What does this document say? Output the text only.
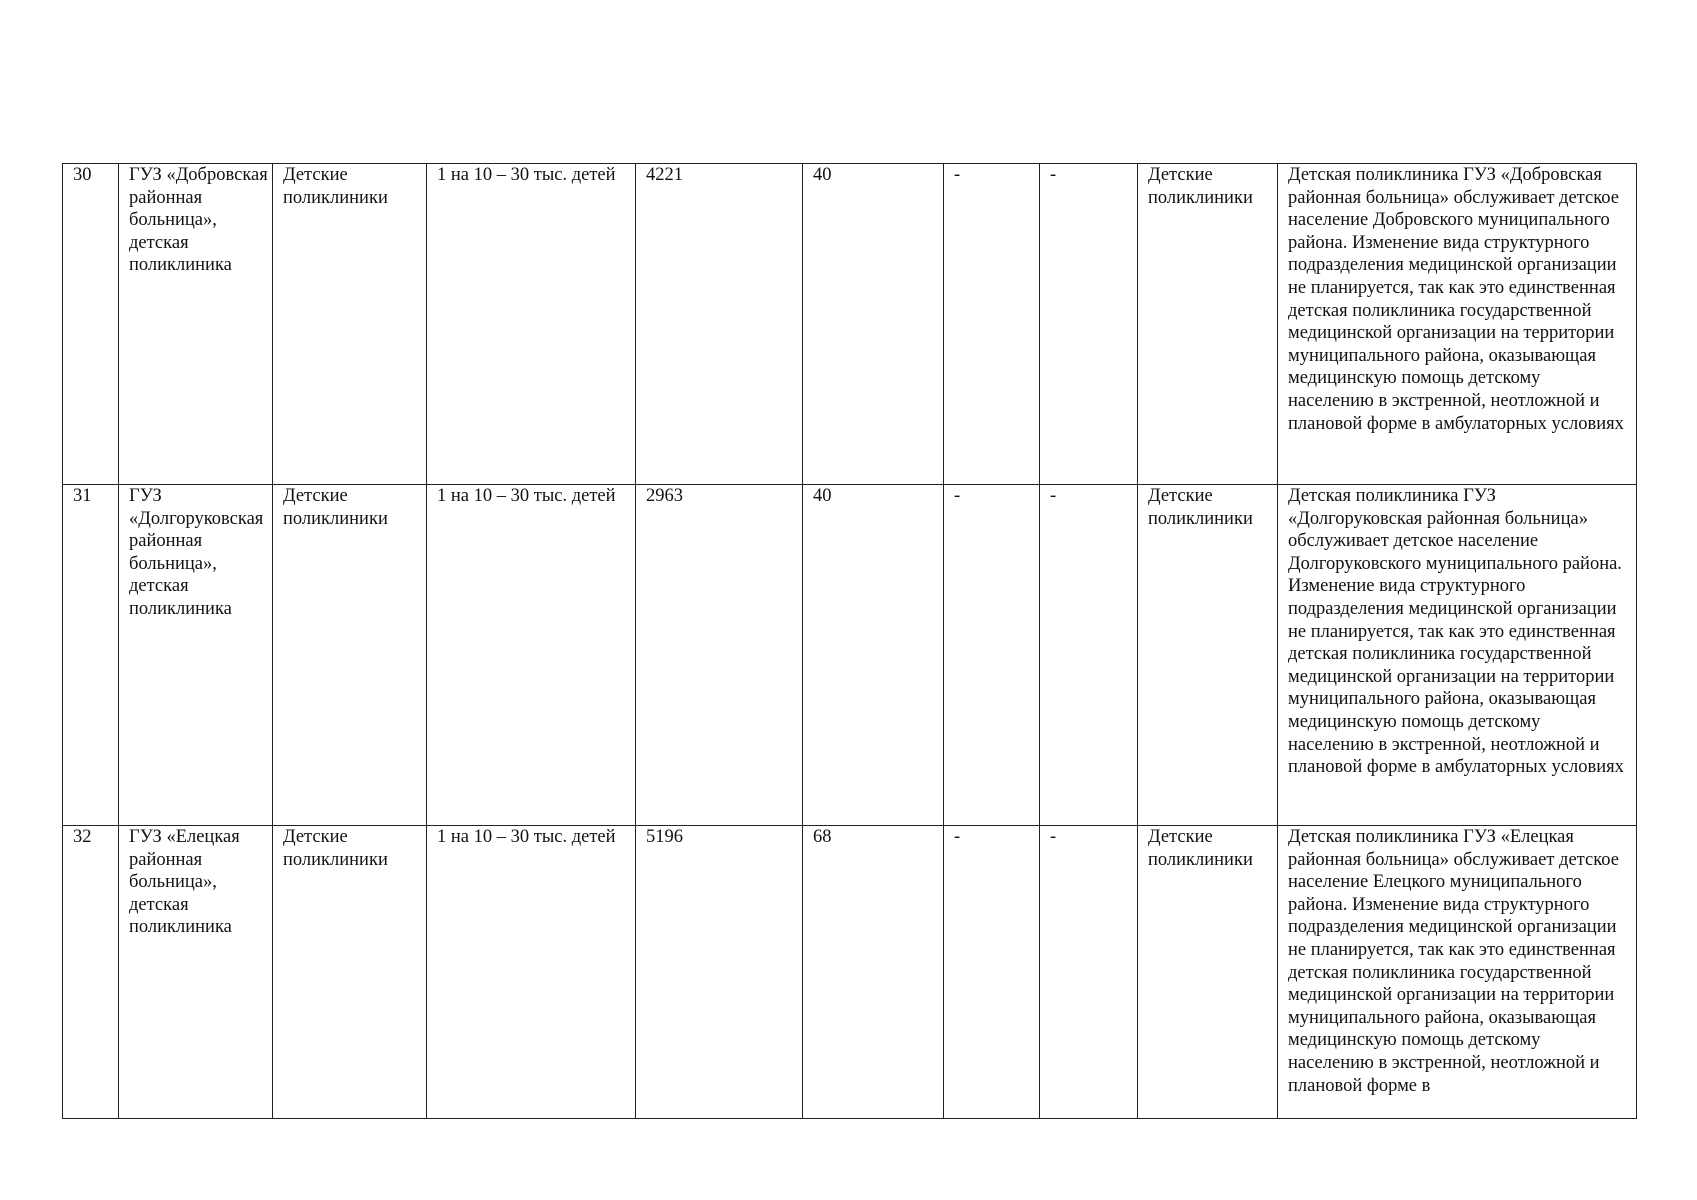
30	ГУЗ «Добровская районная больница», детская поликлиника	Детские поликлиники	1 на 10 – 30 тыс. детей	4221	40	-	-	Детские поликлиники	Детская поликлиника ГУЗ «Добровская районная больница» обслуживает детское население Добровского муниципального района. Изменение вида структурного подразделения медицинской организации не планируется, так как это единственная детская поликлиника государственной медицинской организации на территории муниципального района, оказывающая медицинскую помощь детскому населению в экстренной, неотложной и плановой форме в амбулаторных условиях

31	ГУЗ «Долгоруковская районная больница», детская поликлиника	Детские поликлиники	1 на 10 – 30 тыс. детей	2963	40	-	-	Детские поликлиники	Детская поликлиника ГУЗ «Долгоруковская районная больница» обслуживает детское население Долгоруковского муниципального района. Изменение вида структурного подразделения медицинской организации не планируется, так как это единственная детская поликлиника государственной медицинской организации на территории муниципального района, оказывающая медицинскую помощь детскому населению в экстренной, неотложной и плановой форме в амбулаторных условиях

32	ГУЗ «Елецкая районная больница», детская поликлиника	Детские поликлиники	1 на 10 – 30 тыс. детей	5196	68	-	-	Детские поликлиники	Детская поликлиника ГУЗ «Елецкая районная больница» обслуживает детское население Елецкого муниципального района. Изменение вида структурного подразделения медицинской организации не планируется, так как это единственная детская поликлиника государственной медицинской организации на территории муниципального района, оказывающая медицинскую помощь детскому населению в экстренной, неотложной и плановой форме в
